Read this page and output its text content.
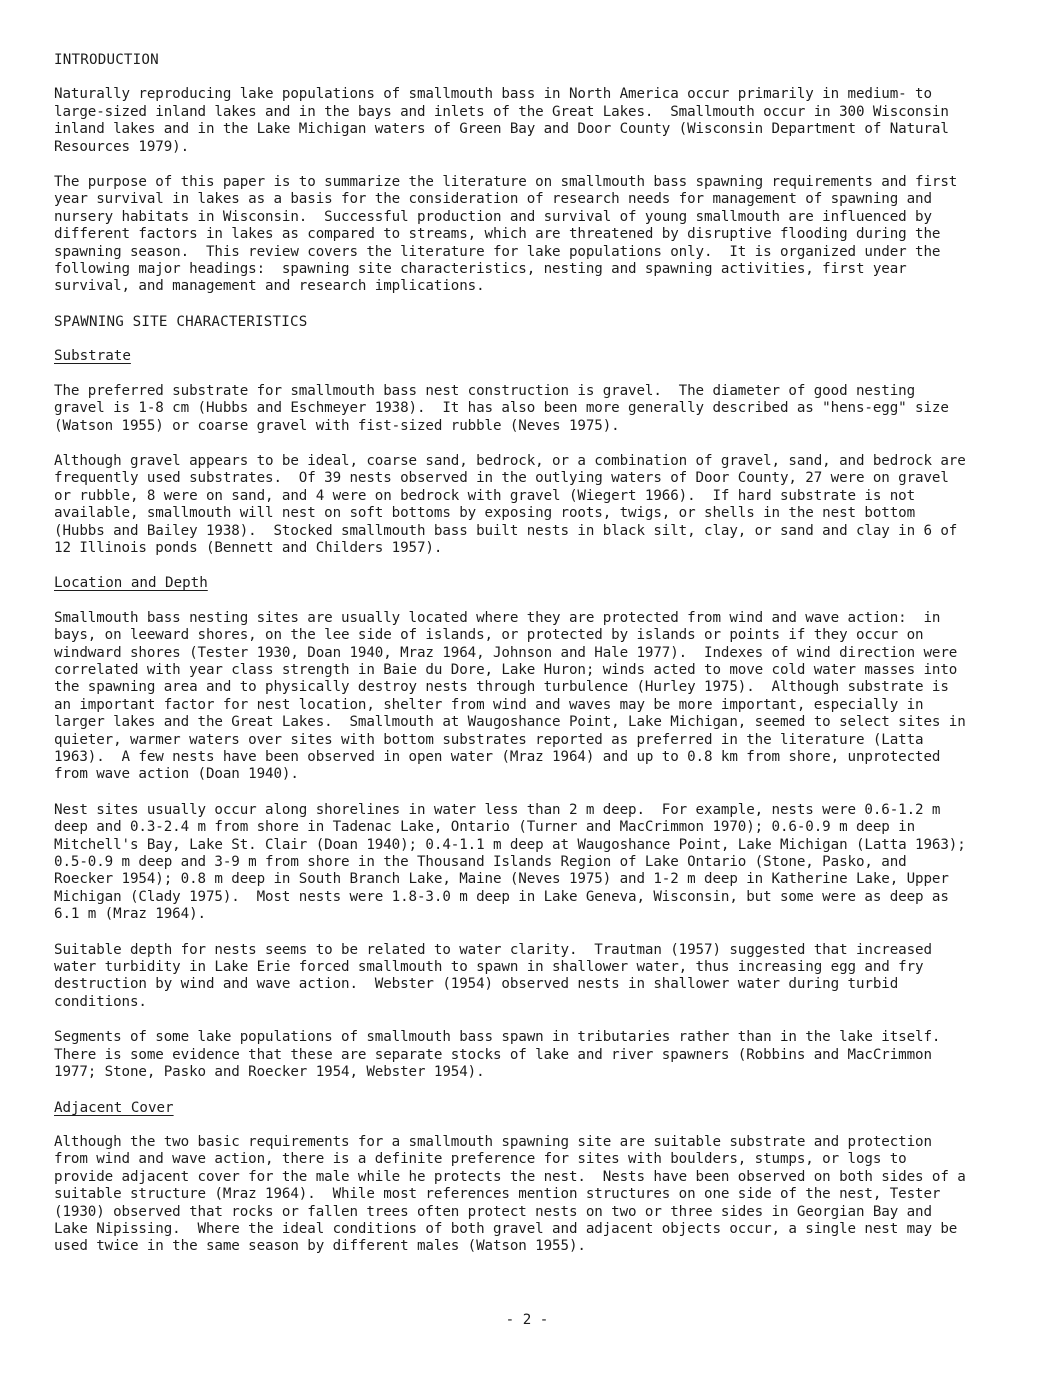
INTRODUCTION
Naturally reproducing lake populations of smallmouth bass in North America occur primarily in medium- to
large-sized inland lakes and in the bays and inlets of the Great Lakes.  Smallmouth occur in 300 Wisconsin
inland lakes and in the Lake Michigan waters of Green Bay and Door County (Wisconsin Department of Natural
Resources 1979).
The purpose of this paper is to summarize the literature on smallmouth bass spawning requirements and first
year survival in lakes as a basis for the consideration of research needs for management of spawning and
nursery habitats in Wisconsin.  Successful production and survival of young smallmouth are influenced by
different factors in lakes as compared to streams, which are threatened by disruptive flooding during the
spawning season.  This review covers the literature for lake populations only.  It is organized under the
following major headings:  spawning site characteristics, nesting and spawning activities, first year
survival, and management and research implications.
SPAWNING SITE CHARACTERISTICS
Substrate
The preferred substrate for smallmouth bass nest construction is gravel.  The diameter of good nesting
gravel is 1-8 cm (Hubbs and Eschmeyer 1938).  It has also been more generally described as "hens-egg" size
(Watson 1955) or coarse gravel with fist-sized rubble (Neves 1975).
Although gravel appears to be ideal, coarse sand, bedrock, or a combination of gravel, sand, and bedrock are
frequently used substrates.  Of 39 nests observed in the outlying waters of Door County, 27 were on gravel
or rubble, 8 were on sand, and 4 were on bedrock with gravel (Wiegert 1966).  If hard substrate is not
available, smallmouth will nest on soft bottoms by exposing roots, twigs, or shells in the nest bottom
(Hubbs and Bailey 1938).  Stocked smallmouth bass built nests in black silt, clay, or sand and clay in 6 of
12 Illinois ponds (Bennett and Childers 1957).
Location and Depth
Smallmouth bass nesting sites are usually located where they are protected from wind and wave action:  in
bays, on leeward shores, on the lee side of islands, or protected by islands or points if they occur on
windward shores (Tester 1930, Doan 1940, Mraz 1964, Johnson and Hale 1977).  Indexes of wind direction were
correlated with year class strength in Baie du Dore, Lake Huron; winds acted to move cold water masses into
the spawning area and to physically destroy nests through turbulence (Hurley 1975).  Although substrate is
an important factor for nest location, shelter from wind and waves may be more important, especially in
larger lakes and the Great Lakes.  Smallmouth at Waugoshance Point, Lake Michigan, seemed to select sites in
quieter, warmer waters over sites with bottom substrates reported as preferred in the literature (Latta
1963).  A few nests have been observed in open water (Mraz 1964) and up to 0.8 km from shore, unprotected
from wave action (Doan 1940).
Nest sites usually occur along shorelines in water less than 2 m deep.  For example, nests were 0.6-1.2 m
deep and 0.3-2.4 m from shore in Tadenac Lake, Ontario (Turner and MacCrimmon 1970); 0.6-0.9 m deep in
Mitchell's Bay, Lake St. Clair (Doan 1940); 0.4-1.1 m deep at Waugoshance Point, Lake Michigan (Latta 1963);
0.5-0.9 m deep and 3-9 m from shore in the Thousand Islands Region of Lake Ontario (Stone, Pasko, and
Roecker 1954); 0.8 m deep in South Branch Lake, Maine (Neves 1975) and 1-2 m deep in Katherine Lake, Upper
Michigan (Clady 1975).  Most nests were 1.8-3.0 m deep in Lake Geneva, Wisconsin, but some were as deep as
6.1 m (Mraz 1964).
Suitable depth for nests seems to be related to water clarity.  Trautman (1957) suggested that increased
water turbidity in Lake Erie forced smallmouth to spawn in shallower water, thus increasing egg and fry
destruction by wind and wave action.  Webster (1954) observed nests in shallower water during turbid
conditions.
Segments of some lake populations of smallmouth bass spawn in tributaries rather than in the lake itself.
There is some evidence that these are separate stocks of lake and river spawners (Robbins and MacCrimmon
1977; Stone, Pasko and Roecker 1954, Webster 1954).
Adjacent Cover
Although the two basic requirements for a smallmouth spawning site are suitable substrate and protection
from wind and wave action, there is a definite preference for sites with boulders, stumps, or logs to
provide adjacent cover for the male while he protects the nest.  Nests have been observed on both sides of a
suitable structure (Mraz 1964).  While most references mention structures on one side of the nest, Tester
(1930) observed that rocks or fallen trees often protect nests on two or three sides in Georgian Bay and
Lake Nipissing.  Where the ideal conditions of both gravel and adjacent objects occur, a single nest may be
used twice in the same season by different males (Watson 1955).
- 2 -
